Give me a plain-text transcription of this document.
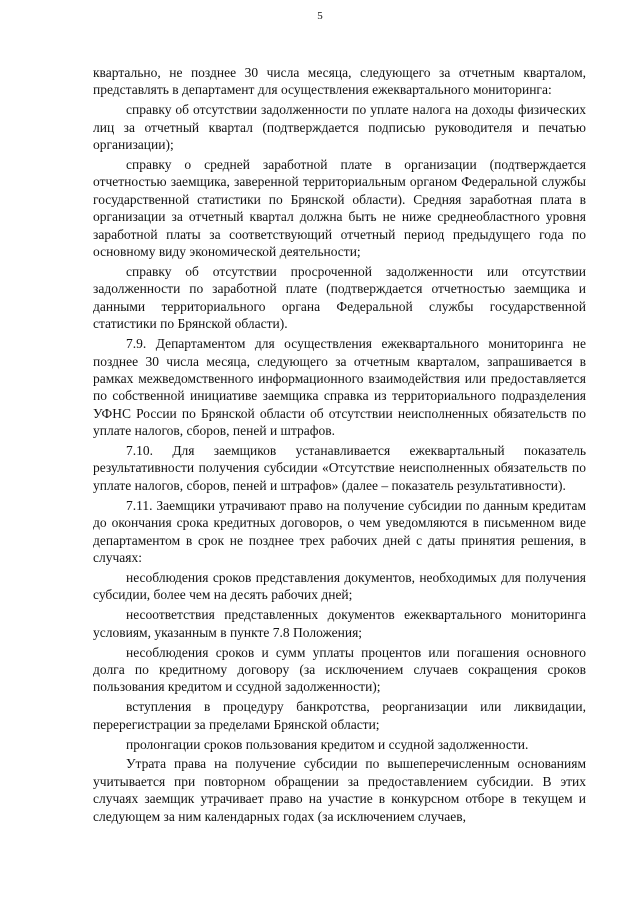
5

квартально, не позднее 30 числа месяца, следующего за отчетным кварталом, представлять в департамент для осуществления ежеквартального мониторинга:

справку об отсутствии задолженности по уплате налога на доходы физических лиц за отчетный квартал (подтверждается подписью руководителя и печатью организации);

справку о средней заработной плате в организации (подтверждается отчетностью заемщика, заверенной территориальным органом Федеральной службы государственной статистики по Брянской области). Средняя заработная плата в организации за отчетный квартал должна быть не ниже среднеобластного уровня заработной платы за соответствующий отчетный период предыдущего года по основному виду экономической деятельности;

справку об отсутствии просроченной задолженности или отсутствии задолженности по заработной плате (подтверждается отчетностью заемщика и данными территориального органа Федеральной службы государственной статистики по Брянской области).

7.9. Департаментом для осуществления ежеквартального мониторинга не позднее 30 числа месяца, следующего за отчетным кварталом, запрашивается в рамках межведомственного информационного взаимодействия или предоставляется по собственной инициативе заемщика справка из территориального подразделения УФНС России по Брянской области об отсутствии неисполненных обязательств по уплате налогов, сборов, пеней и штрафов.

7.10. Для заемщиков устанавливается ежеквартальный показатель результативности получения субсидии «Отсутствие неисполненных обязательств по уплате налогов, сборов, пеней и штрафов» (далее – показатель результативности).

7.11. Заемщики утрачивают право на получение субсидии по данным кредитам до окончания срока кредитных договоров, о чем уведомляются в письменном виде департаментом в срок не позднее трех рабочих дней с даты принятия решения, в случаях:

несоблюдения сроков представления документов, необходимых для получения субсидии, более чем на десять рабочих дней;

несоответствия представленных документов ежеквартального мониторинга условиям, указанным в пункте 7.8 Положения;

несоблюдения сроков и сумм уплаты процентов или погашения основного долга по кредитному договору (за исключением случаев сокращения сроков пользования кредитом и ссудной задолженности);

вступления в процедуру банкротства, реорганизации или ликвидации, перерегистрации за пределами Брянской области;

пролонгации сроков пользования кредитом и ссудной задолженности.

Утрата права на получение субсидии по вышеперечисленным основаниям учитывается при повторном обращении за предоставлением субсидии. В этих случаях заемщик утрачивает право на участие в конкурсном отборе в текущем и следующем за ним календарных годах (за исключением случаев,
